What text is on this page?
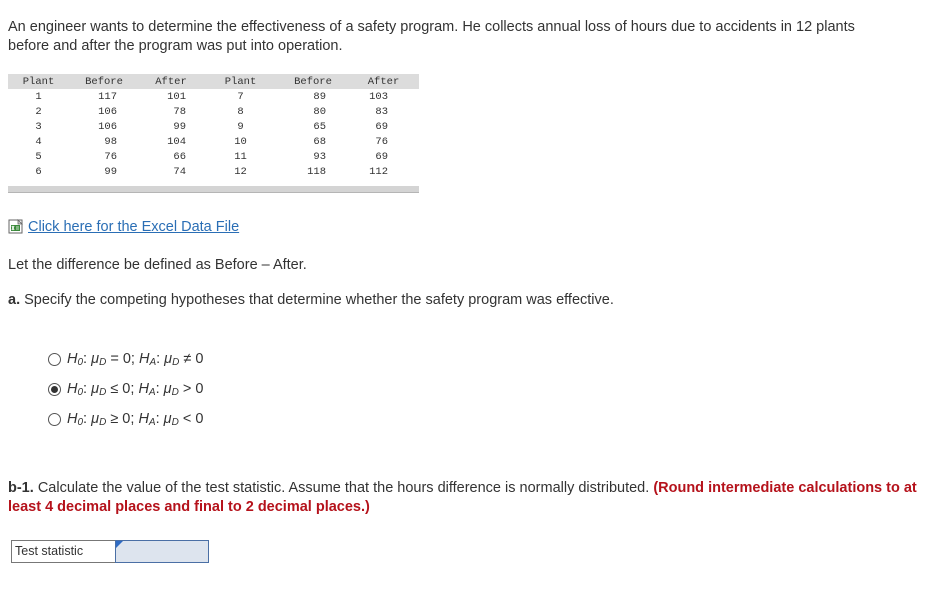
An engineer wants to determine the effectiveness of a safety program. He collects annual loss of hours due to accidents in 12 plants
before and after the program was put into operation.
Plant	Before	After	Plant	Before	After
1	117	101	7	89	103
2	106	78	8	80	83
3	106	99	9	65	69
4	98	104	10	68	76
5	76	66	11	93	69
6	99	74	12	118	112
Click here for the Excel Data File
Let the difference be defined as Before – After.
a. Specify the competing hypotheses that determine whether the safety program was effective.
$H_0$: $\mu_D = 0$; $H_A$: $\mu_D \ne 0$
$H_0$: $\mu_D \le 0$; $H_A$: $\mu_D > 0$
$H_0$: $\mu_D \ge 0$; $H_A$: $\mu_D < 0$
b-1. Calculate the value of the test statistic. Assume that the hours difference is normally distributed. (Round intermediate calculations to at least 4 decimal places and final to 2 decimal places.)
Test statistic
